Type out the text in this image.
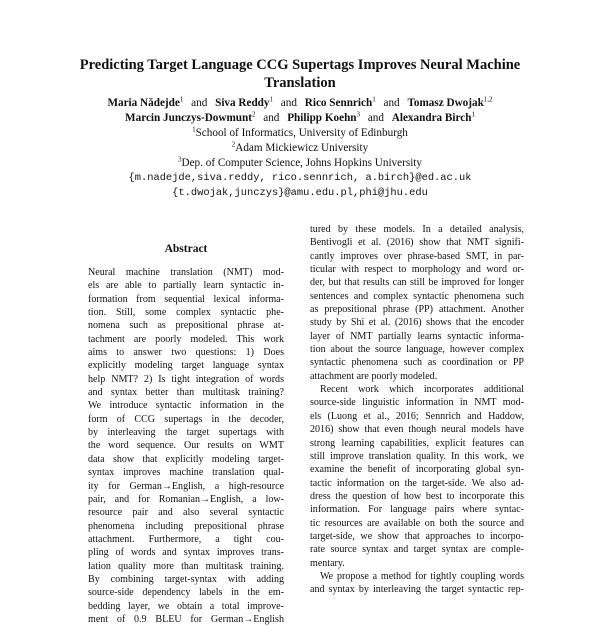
Predicting Target Language CCG Supertags Improves Neural Machine
Translation
Maria Nădejde$^1$ and Siva Reddy$^1$ and Rico Sennrich$^1$ and Tomasz Dwojak$^{1,2}$
Marcin Junczys-Dowmunt$^2$ and Philipp Koehn$^3$ and Alexandra Birch$^1$
$^1$School of Informatics, University of Edinburgh
$^2$Adam Mickiewicz University
$^3$Dep. of Computer Science, Johns Hopkins University
{m.nadejde,siva.reddy, rico.sennrich, a.birch}@ed.ac.uk
{t.dwojak,junczys}@amu.edu.pl,phi@jhu.edu
Abstract
Neural machine translation (NMT) mod-
els are able to partially learn syntactic in-
formation from sequential lexical informa-
tion. Still, some complex syntactic phe-
nomena such as prepositional phrase at-
tachment are poorly modeled. This work
aims to answer two questions: 1) Does
explicitly modeling target language syntax
help NMT? 2) Is tight integration of words
and syntax better than multitask training?
We introduce syntactic information in the
form of CCG supertags in the decoder,
by interleaving the target supertags with
the word sequence. Our results on WMT
data show that explicitly modeling target-
syntax improves machine translation qual-
ity for German→English, a high-resource
pair, and for Romanian→English, a low-
resource pair and also several syntactic
phenomena including prepositional phrase
attachment. Furthermore, a tight cou-
pling of words and syntax improves trans-
lation quality more than multitask training.
By combining target-syntax with adding
source-side dependency labels in the em-
bedding layer, we obtain a total improve-
ment of 0.9 BLEU for German→English
tured by these models. In a detailed analysis,
Bentivogli et al. (2016) show that NMT signifi-
cantly improves over phrase-based SMT, in par-
ticular with respect to morphology and word or-
der, but that results can still be improved for longer
sentences and complex syntactic phenomena such
as prepositional phrase (PP) attachment. Another
study by Shi et al. (2016) shows that the encoder
layer of NMT partially learns syntactic informa-
tion about the source language, however complex
syntactic phenomena such as coordination or PP
attachment are poorly modeled.
Recent work which incorporates additional
source-side linguistic information in NMT mod-
els (Luong et al., 2016; Sennrich and Haddow,
2016) show that even though neural models have
strong learning capabilities, explicit features can
still improve translation quality. In this work, we
examine the benefit of incorporating global syn-
tactic information on the target-side. We also ad-
dress the question of how best to incorporate this
information. For language pairs where syntac-
tic resources are available on both the source and
target-side, we show that approaches to incorpo-
rate source syntax and target syntax are comple-
mentary.
We propose a method for tightly coupling words
and syntax by interleaving the target syntactic rep-
